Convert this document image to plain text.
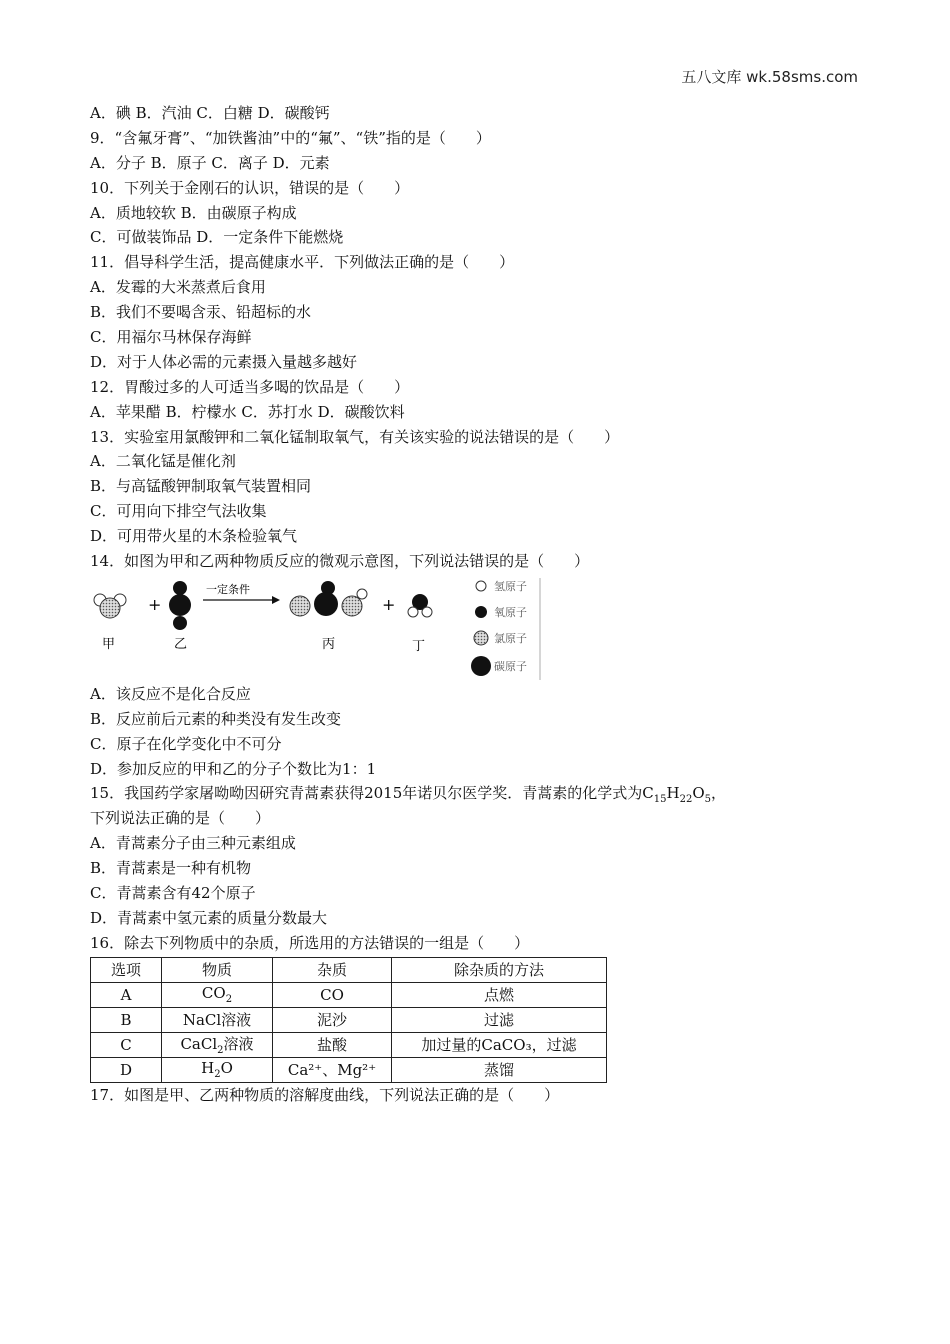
五八文库 wk.58sms.com
A．碘 B．汽油 C．白糖 D．碳酸钙
9．“含氟牙膏”、“加铁酱油”中的“氟”、“铁”指的是（　　）
A．分子 B．原子 C．离子 D．元素
10．下列关于金刚石的认识，错误的是（　　）
A．质地较软 B．由碳原子构成
C．可做装饰品 D．一定条件下能燃烧
11．倡导科学生活，提高健康水平．下列做法正确的是（　　）
A．发霉的大米蒸煮后食用
B．我们不要喝含汞、铅超标的水
C．用福尔马林保存海鲜
D．对于人体必需的元素摄入量越多越好
12．胃酸过多的人可适当多喝的饮品是（　　）
A．苹果醋 B．柠檬水 C．苏打水 D．碳酸饮料
13．实验室用氯酸钾和二氧化锰制取氧气，有关该实验的说法错误的是（　　）
A．二氧化锰是催化剂
B．与高锰酸钾制取氧气装置相同
C．可用向下排空气法收集
D．可用带火星的木条检验氧气
14．如图为甲和乙两种物质反应的微观示意图，下列说法错误的是（　　）
+
一定条件
+
甲	乙	丙	丁
氢原子
氧原子
氯原子
碳原子
A．该反应不是化合反应
B．反应前后元素的种类没有发生改变
C．原子在化学变化中不可分
D．参加反应的甲和乙的分子个数比为1：1
15．我国药学家屠呦呦因研究青蒿素获得2015年诺贝尔医学奖．青蒿素的化学式为$C_{15}H_{22}O_5$，
下列说法正确的是（　　）
A．青蒿素分子由三种元素组成
B．青蒿素是一种有机物
C．青蒿素含有42个原子
D．青蒿素中氢元素的质量分数最大
16．除去下列物质中的杂质，所选用的方法错误的一组是（　　）
选项	物质	杂质	除杂质的方法
A	$CO_2$	CO	点燃
B	NaCl溶液	泥沙	过滤
C	CaCl$_2$溶液	盐酸	加过量的CaCO₃，过滤
D	$H_2O$	Ca²⁺、Mg²⁺	蒸馏
17．如图是甲、乙两种物质的溶解度曲线，下列说法正确的是（　　）
